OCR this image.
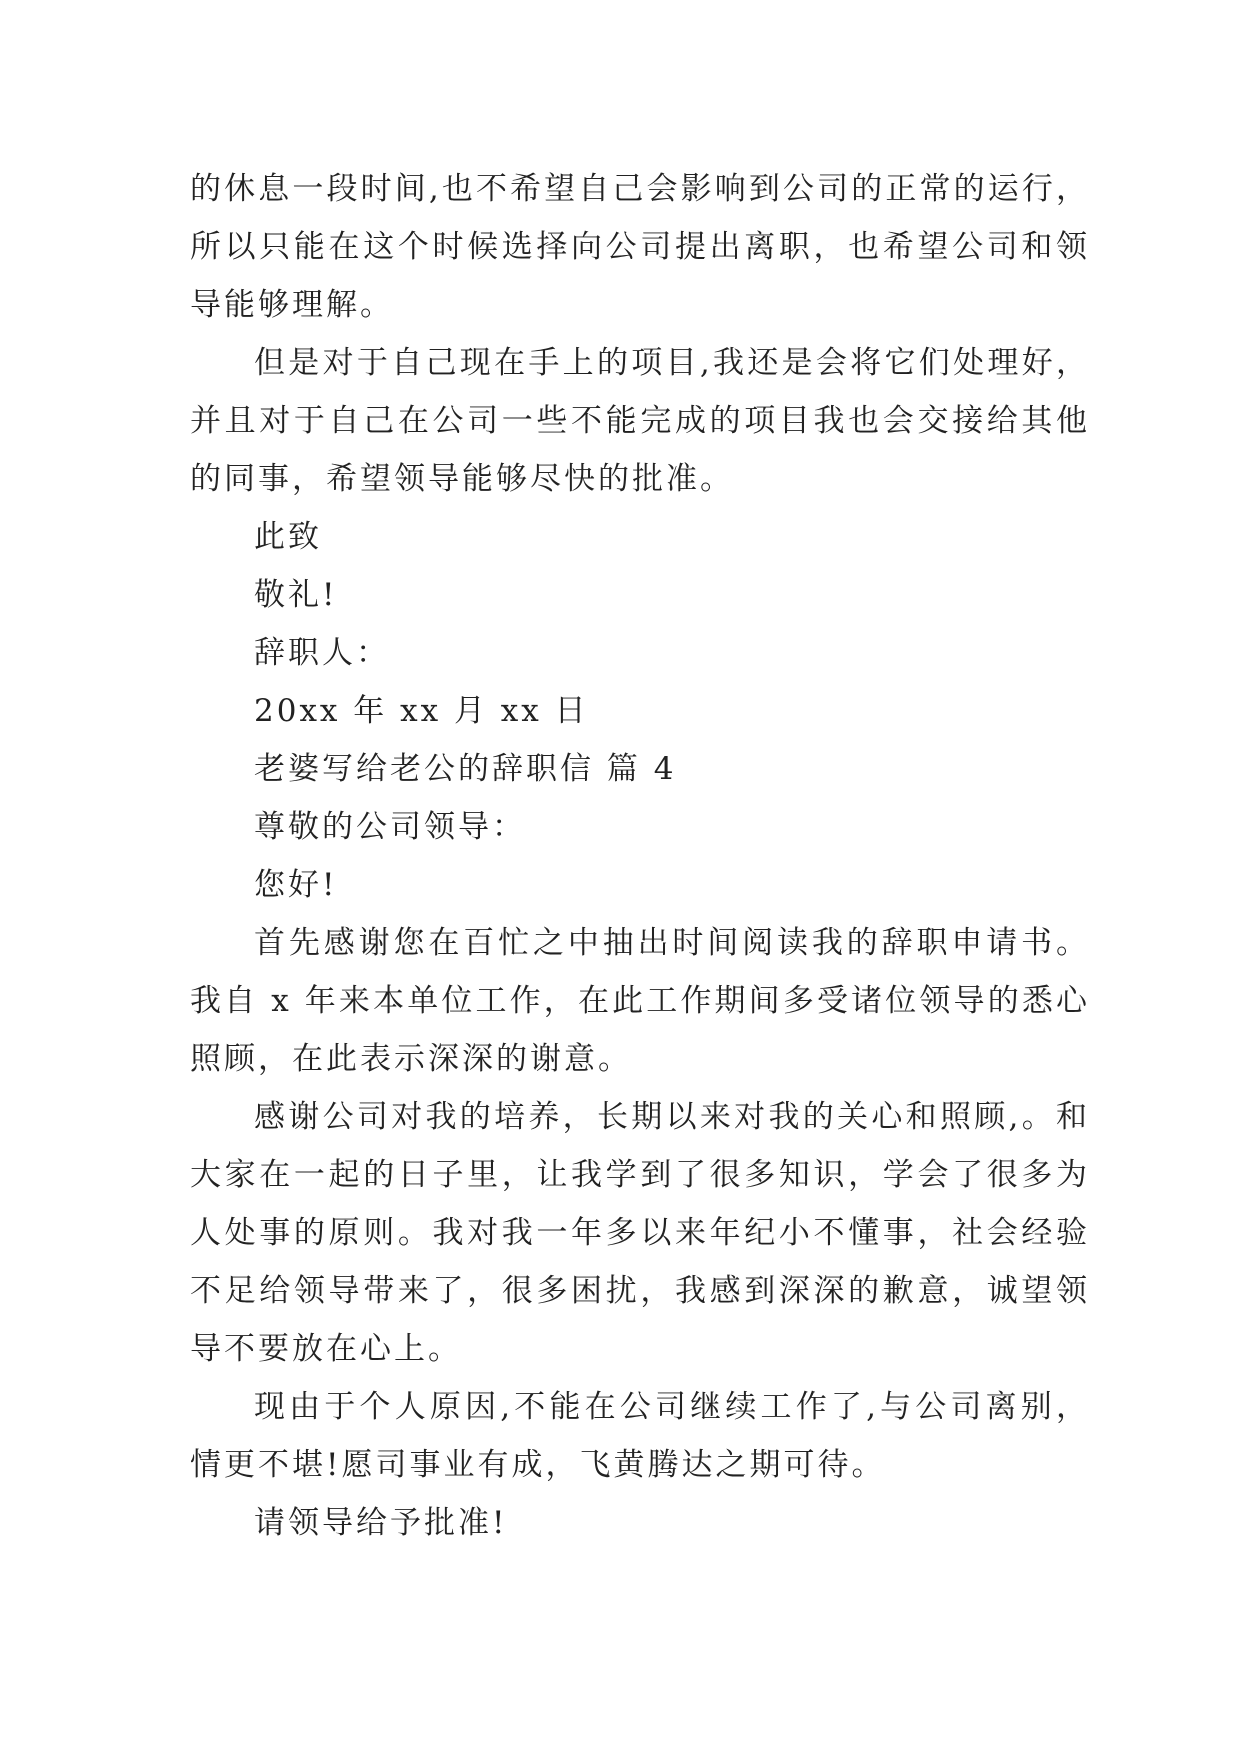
的休息一段时间,也不希望自己会影响到公司的正常的运行，所以只能在这个时候选择向公司提出离职，也希望公司和领导能够理解。

但是对于自己现在手上的项目,我还是会将它们处理好，并且对于自己在公司一些不能完成的项目我也会交接给其他的同事，希望领导能够尽快的批准。

此致

敬礼!

辞职人：

20xx 年 xx 月 xx 日

老婆写给老公的辞职信 篇 4

尊敬的公司领导：

您好!

首先感谢您在百忙之中抽出时间阅读我的辞职申请书。我自 x 年来本单位工作，在此工作期间多受诸位领导的悉心照顾，在此表示深深的谢意。

感谢公司对我的培养，长期以来对我的关心和照顾,。和大家在一起的日子里，让我学到了很多知识，学会了很多为人处事的原则。我对我一年多以来年纪小不懂事，社会经验不足给领导带来了，很多困扰，我感到深深的歉意，诚望领导不要放在心上。

现由于个人原因,不能在公司继续工作了,与公司离别，情更不堪!愿司事业有成，飞黄腾达之期可待。

请领导给予批准!
